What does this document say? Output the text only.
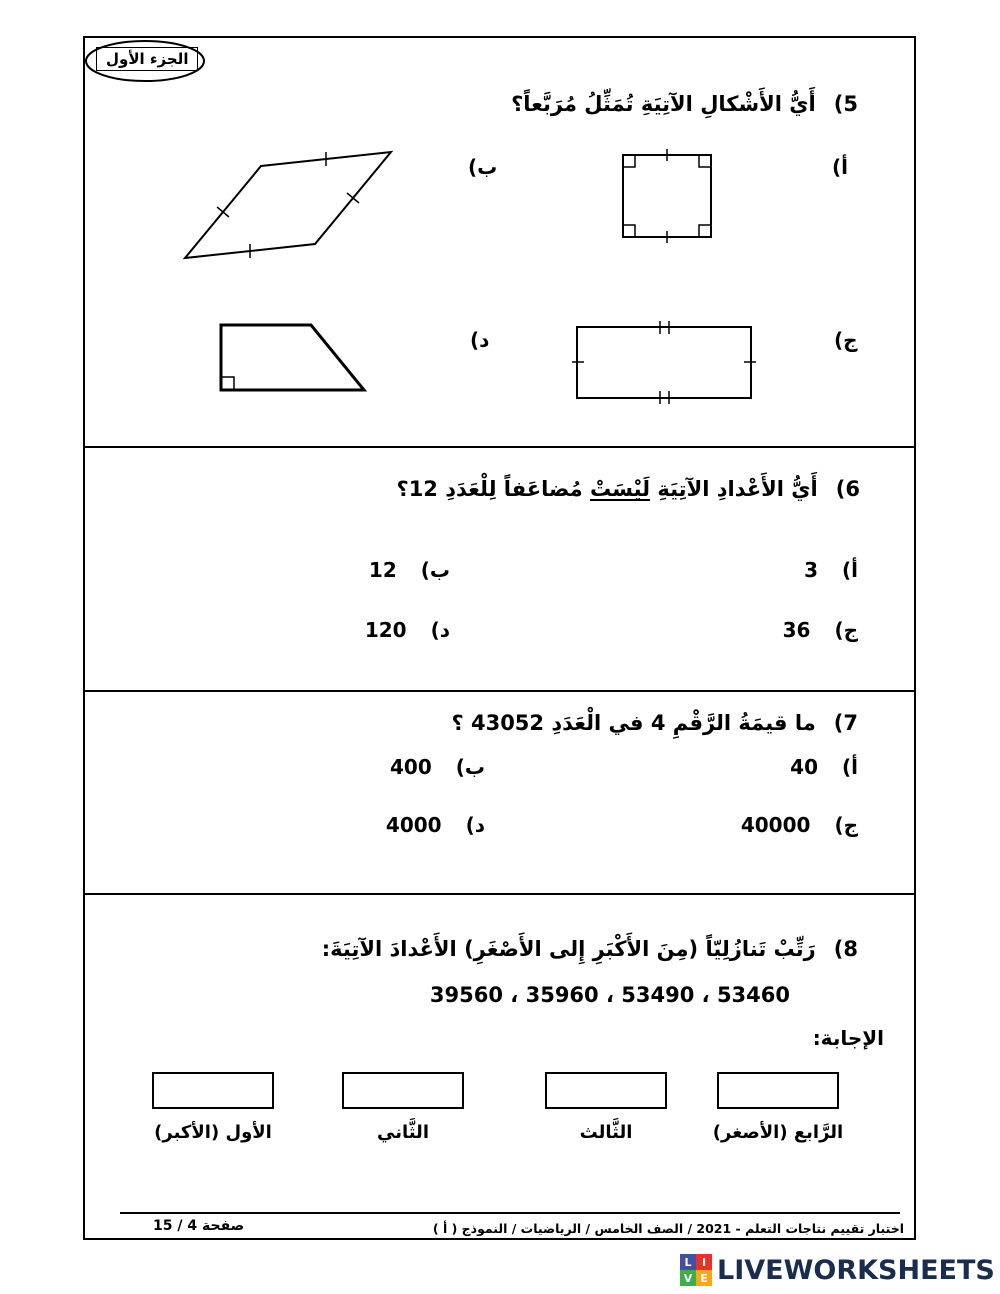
الجزء الأول
5)أَيُّ الأَشْكالِ الآتِيَةِ تُمَثِّلُ مُرَبَّعاً؟
أ)
ب)
ج)
د)
6)أَيُّ الأَعْدادِ الآتِيَةِ لَيْسَتْ مُضاعَفاً لِلْعَدَدِ 12؟
أ)
3
ب)
12
ج)
36
د)
120
7)ما قيمَةُ الرَّقْمِ 4 في الْعَدَدِ 43052 ؟
أ)
40
ب)
400
ج)
40000
د)
4000
8)رَتِّبْ تَنازُلِيّاً (مِنَ الأَكْبَرِ إِلى الأَصْغَرِ) الأَعْدادَ الآتِيَةَ:
53460 ، 53490 ، 35960 ، 39560
الإجابة:
الرَّابع (الأصغر)
الثَّالث
الثَّاني
الأول (الأكبر)
صفحة 4 / 15	اختبار تقييم نتاجات التعلم - 2021 / الصف الخامس / الرياضيات / النموذج ( أ )
L I
V E LIVEWORKSHEETS
